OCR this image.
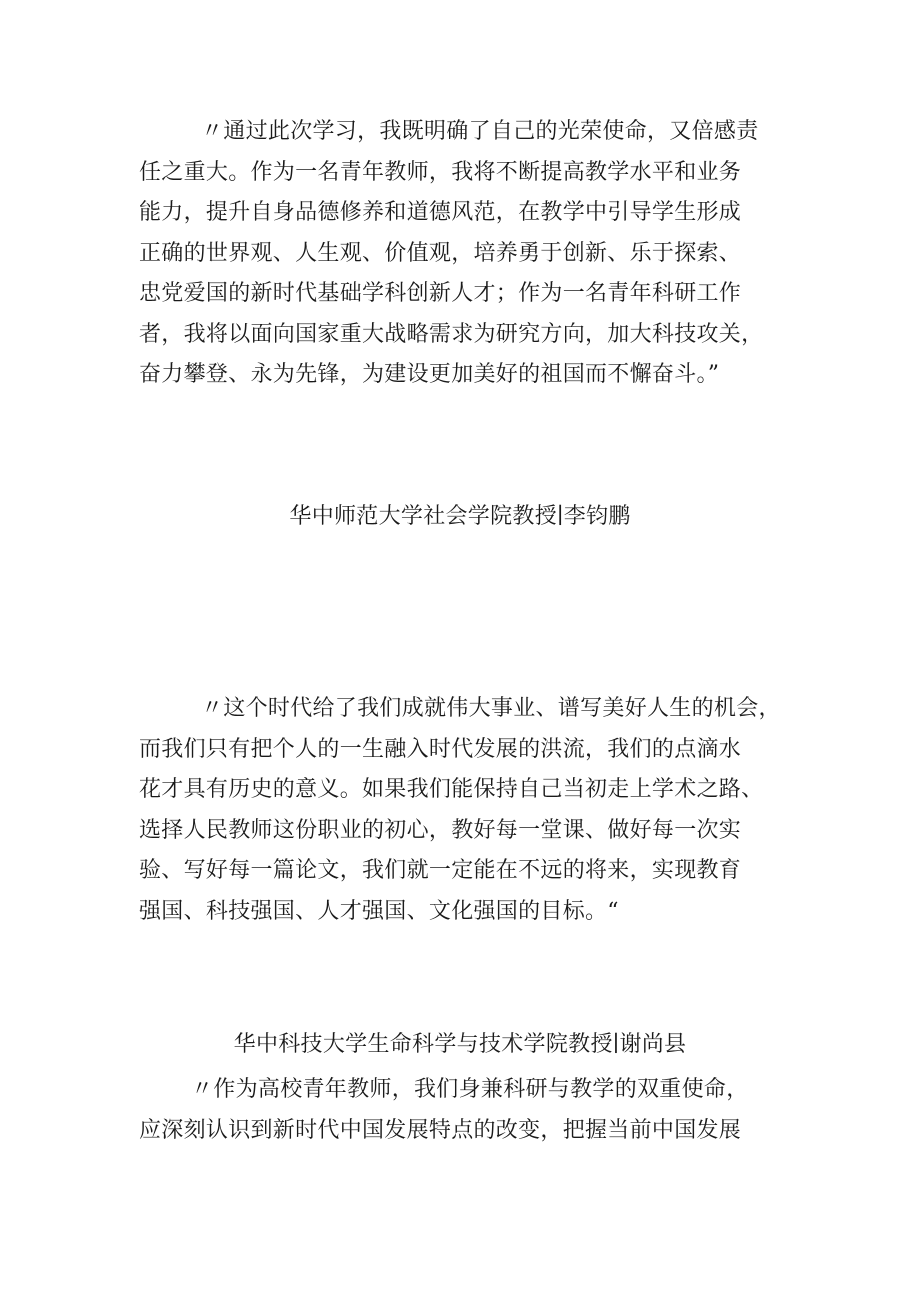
〃通过此次学习，我既明确了自己的光荣使命，又倍感责
任之重大。作为一名青年教师，我将不断提高教学水平和业务
能力，提升自身品德修养和道德风范，在教学中引导学生形成
正确的世界观、人生观、价值观，培养勇于创新、乐于探索、
忠党爱国的新时代基础学科创新人才；作为一名青年科研工作
者，我将以面向国家重大战略需求为研究方向，加大科技攻关，
奋力攀登、永为先锋，为建设更加美好的祖国而不懈奋斗。”

华中师范大学社会学院教授∣李钧鹏

〃这个时代给了我们成就伟大事业、谱写美好人生的机会，
而我们只有把个人的一生融入时代发展的洪流，我们的点滴水
花才具有历史的意义。如果我们能保持自己当初走上学术之路、
选择人民教师这份职业的初心，教好每一堂课、做好每一次实
验、写好每一篇论文，我们就一定能在不远的将来，实现教育
强国、科技强国、人才强国、文化强国的目标。“

华中科技大学生命科学与技术学院教授∣谢尚县

〃作为高校青年教师，我们身兼科研与教学的双重使命，
应深刻认识到新时代中国发展特点的改变，把握当前中国发展
